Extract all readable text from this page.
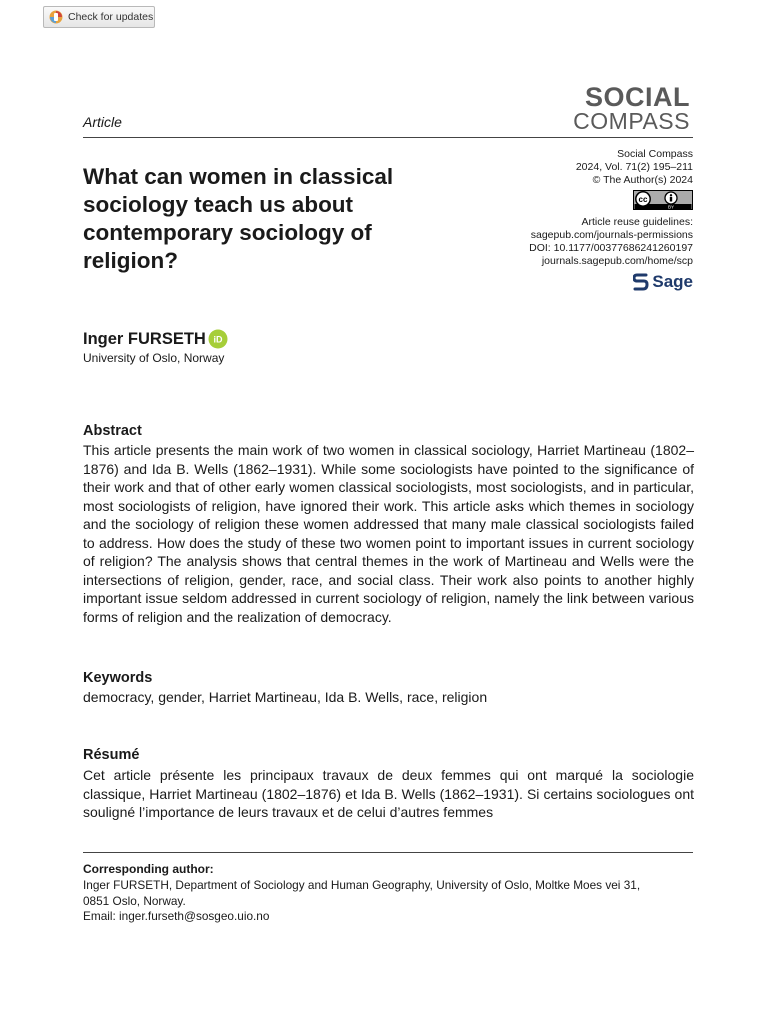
Check for updates
SOCIAL
COMPASS
Article
What can women in classical sociology teach us about contemporary sociology of religion?
Social Compass
2024, Vol. 71(2) 195–211
© The Author(s) 2024
cc
BY
Article reuse guidelines:
sagepub.com/journals-permissions
DOI: 10.1177/00377686241260197
journals.sagepub.com/home/scp
Sage
Inger FURSETH iD
University of Oslo, Norway
Abstract

This article presents the main work of two women in classical sociology, Harriet Martineau (1802–1876) and Ida B. Wells (1862–1931). While some sociologists have pointed to the significance of their work and that of other early women classical sociologists, most sociologists, and in particular, most sociologists of religion, have ignored their work. This article asks which themes in sociology and the sociology of religion these women addressed that many male classical sociologists failed to address. How does the study of these two women point to important issues in current sociology of religion? The analysis shows that central themes in the work of Martineau and Wells were the intersections of religion, gender, race, and social class. Their work also points to another highly important issue seldom addressed in current sociology of religion, namely the link between various forms of religion and the realization of democracy.

Keywords

democracy, gender, Harriet Martineau, Ida B. Wells, race, religion

Résumé

Cet article présente les principaux travaux de deux femmes qui ont marqué la sociologie classique, Harriet Martineau (1802–1876) et Ida B. Wells (1862–1931). Si certains sociologues ont souligné l’importance de leurs travaux et de celui d’autres femmes

Corresponding author:
Inger FURSETH, Department of Sociology and Human Geography, University of Oslo, Moltke Moes vei 31,
0851 Oslo, Norway.
Email: inger.furseth@sosgeo.uio.no
